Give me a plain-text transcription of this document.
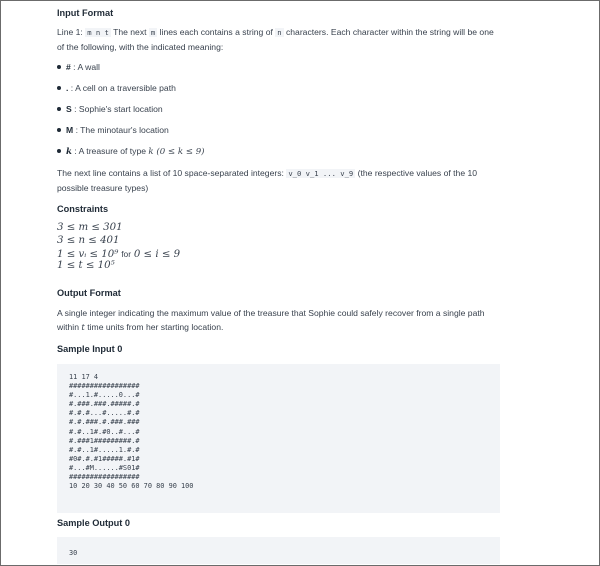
Input Format

Line 1: m n t The next m lines each contains a string of n characters. Each character within the string will be one of the following, with the indicated meaning:

# : A wall
. : A cell on a traversible path
S : Sophie's start location
M : The minotaur's location
k : A treasure of type k (0 ≤ k ≤ 9)

The next line contains a list of 10 space-separated integers: v_0 v_1 ... v_9 (the respective values of the 10 possible treasure types)

Constraints
3 ≤ m ≤ 301
3 ≤ n ≤ 401
1 ≤ vᵢ ≤ 10⁹ for 0 ≤ i ≤ 9
1 ≤ t ≤ 10⁵
Output Format

A single integer indicating the maximum value of the treasure that Sophie could safely recover from a single path within t time units from her starting location.

Sample Input 0
11 17 4
#################
#...1.#.....0...#
#.###.###.#####.#
#.#.#...#.....#.#
#.#.###.#.###.###
#.#..1#.#0..#...#
#.###1#########.#
#.#..1#.....1.#.#
#0#.#.#1#####.#1#
#...#M......#S01#
#################
10 20 30 40 50 60 70 80 90 100
Sample Output 0
30
